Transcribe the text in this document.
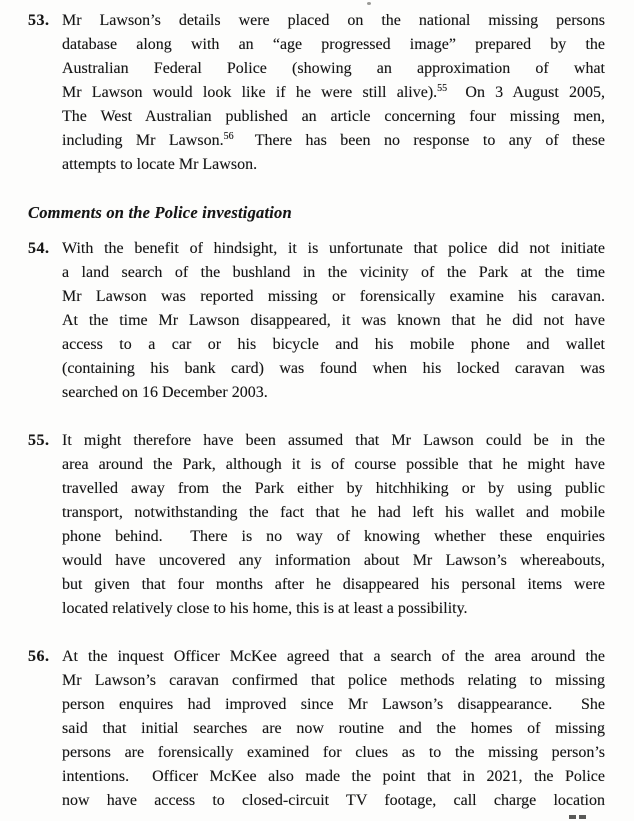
53. Mr Lawson’s details were placed on the national missing persons
database along with an “age progressed image” prepared by the
Australian Federal Police (showing an approximation of what
Mr Lawson would look like if he were still alive).$^{55}$  On 3 August 2005,
The West Australian published an article concerning four missing men,
including Mr Lawson.$^{56}$  There has been no response to any of these
attempts to locate Mr Lawson.
Comments on the Police investigation
54. With the benefit of hindsight, it is unfortunate that police did not initiate
a land search of the bushland in the vicinity of the Park at the time
Mr Lawson was reported missing or forensically examine his caravan.
At the time Mr Lawson disappeared, it was known that he did not have
access to a car or his bicycle and his mobile phone and wallet
(containing his bank card) was found when his locked caravan was
searched on 16 December 2003.
55. It might therefore have been assumed that Mr Lawson could be in the
area around the Park, although it is of course possible that he might have
travelled away from the Park either by hitchhiking or by using public
transport, notwithstanding the fact that he had left his wallet and mobile
phone behind.  There is no way of knowing whether these enquiries
would have uncovered any information about Mr Lawson’s whereabouts,
but given that four months after he disappeared his personal items were
located relatively close to his home, this is at least a possibility.
56. At the inquest Officer McKee agreed that a search of the area around the
Mr Lawson’s caravan confirmed that police methods relating to missing
person enquires had improved since Mr Lawson’s disappearance.  She
said that initial searches are now routine and the homes of missing
persons are forensically examined for clues as to the missing person’s
intentions.  Officer McKee also made the point that in 2021, the Police
now have access to closed-circuit TV footage, call charge location
